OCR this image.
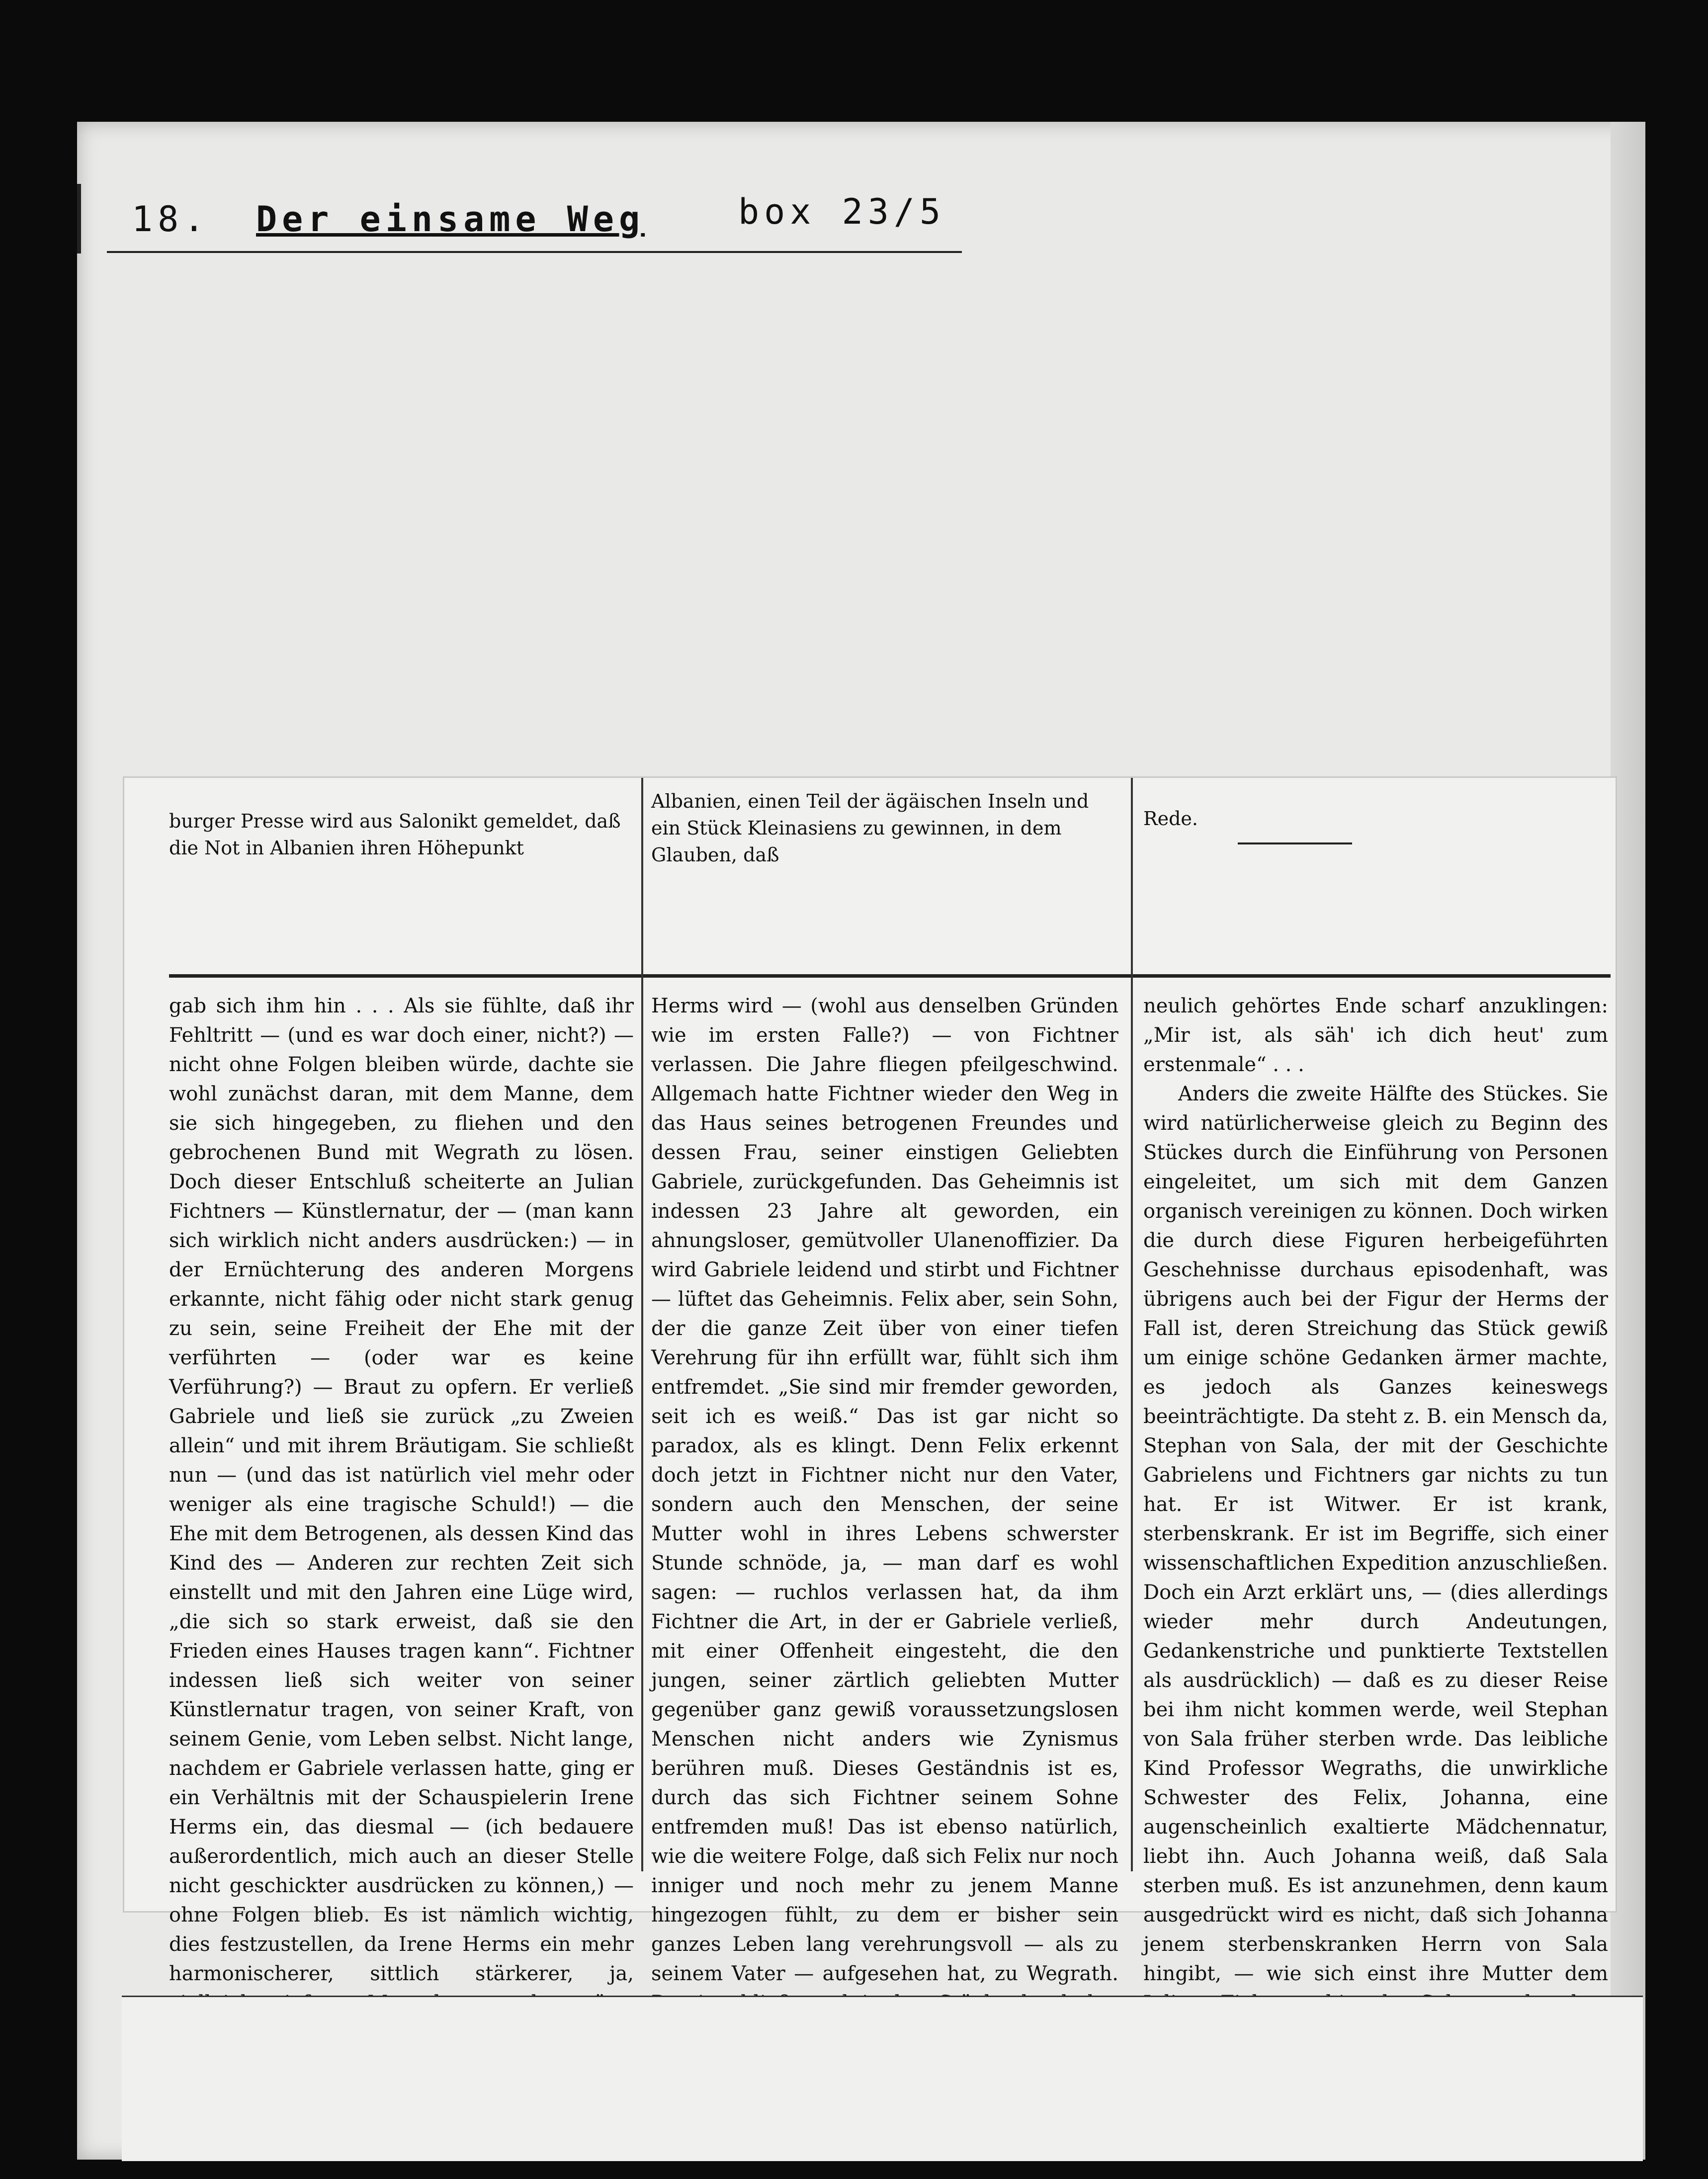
18. Der einsame Weg	box 23/5
burger Presse wird aus Salonikt gemeldet, daß die Not in Albanien ihren Höhepunkt
Albanien, einen Teil der ägäischen Inseln und ein Stück Kleinasiens zu gewinnen, in dem Glauben, daß
Rede.

gab sich ihm hin . . . Als sie fühlte, daß ihr Fehltritt — (und es war doch einer, nicht?) — nicht ohne Folgen bleiben würde, dachte sie wohl zunächst daran, mit dem Manne, dem sie sich hingegeben, zu fliehen und den gebrochenen Bund mit Wegrath zu lösen. Doch dieser Entschluß scheiterte an Julian Fichtners — Künstlernatur, der — (man kann sich wirklich nicht anders ausdrücken:) — in der Ernüchterung des anderen Morgens erkannte, nicht fähig oder nicht stark genug zu sein, seine Freiheit der Ehe mit der verführten — (oder war es keine Verführung?) — Braut zu opfern. Er verließ Gabriele und ließ sie zurück „zu Zweien allein“ und mit ihrem Bräutigam. Sie schließt nun — (und das ist natürlich viel mehr oder weniger als eine tragische Schuld!) — die Ehe mit dem Betrogenen, als dessen Kind das Kind des — Anderen zur rechten Zeit sich einstellt und mit den Jahren eine Lüge wird, „die sich so stark erweist, daß sie den Frieden eines Hauses tragen kann“. Fichtner indessen ließ sich weiter von seiner Künstlernatur tragen, von seiner Kraft, von seinem Genie, vom Leben selbst. Nicht lange, nachdem er Gabriele verlassen hatte, ging er ein Verhältnis mit der Schauspielerin Irene Herms ein, das diesmal — (ich bedauere außerordentlich, mich auch an dieser Stelle nicht geschickter ausdrücken zu können,) — ohne Folgen blieb. Es ist nämlich wichtig, dies festzustellen, da Irene Herms ein mehr harmonischerer, sittlich stärkerer, ja,

Herms wird — (wohl aus denselben Gründen wie im ersten Falle?) — von Fichtner verlassen. Die Jahre fliegen pfeilgeschwind. Allgemach hatte Fichtner wieder den Weg in das Haus seines betrogenen Freundes und dessen Frau, seiner einstigen Geliebten Gabriele, zurückgefunden. Das Geheimnis ist indessen 23 Jahre alt geworden, ein ahnungsloser, gemütvoller Ulanenoffizier. Da wird Gabriele leidend und stirbt und Fichtner — lüftet das Geheimnis. Felix aber, sein Sohn, der die ganze Zeit über von einer tiefen Verehrung für ihn erfüllt war, fühlt sich ihm entfremdet. „Sie sind mir fremder geworden, seit ich es weiß.“ Das ist gar nicht so paradox, als es klingt. Denn Felix erkennt doch jetzt in Fichtner nicht nur den Vater, sondern auch den Menschen, der seine Mutter wohl in ihres Lebens schwerster Stunde schnöde, ja, — man darf es wohl sagen: — ruchlos verlassen hat, da ihm Fichtner die Art, in der er Gabriele verließ, mit einer Offenheit eingesteht, die den jungen, seiner zärtlich geliebten Mutter gegenüber ganz gewiß voraussetzungslosen Menschen nicht anders wie Zynismus berühren muß. Dieses Geständnis ist es, durch das sich Fichtner seinem Sohne entfremden muß! Das ist ebenso natürlich, wie die weitere Folge, daß sich Felix nur noch inniger und noch mehr zu jenem Manne hingezogen fühlt, zu dem er bisher sein ganzes Leben lang verehrungsvoll — als zu seinem Vater — aufgesehen hat, zu Wegrath.

neulich gehörtes Ende scharf anzuklingen: „Mir ist, als säh' ich dich heut' zum erstenmale“ . . .

Anders die zweite Hälfte des Stückes. Sie wird natürlicherweise gleich zu Beginn des Stückes durch die Einführung von Personen eingeleitet, um sich mit dem Ganzen organisch vereinigen zu können. Doch wirken die durch diese Figuren herbeigeführten Geschehnisse durchaus episodenhaft, was übrigens auch bei der Figur der Herms der Fall ist, deren Streichung das Stück gewiß um einige schöne Gedanken ärmer machte, es jedoch als Ganzes keineswegs beeinträchtigte. Da steht z. B. ein Mensch da, Stephan von Sala, der mit der Geschichte Gabrielens und Fichtners gar nichts zu tun hat. Er ist Witwer. Er ist krank, sterbenskrank. Er ist im Begriffe, sich einer wissenschaftlichen Expedition anzuschließen. Doch ein Arzt erklärt uns, — (dies allerdings wieder mehr durch Andeutungen, Gedankenstriche und punktierte Textstellen als ausdrücklich) — daß es zu dieser Reise bei ihm nicht kommen werde, weil Stephan von Sala früher sterben wrde. Das leibliche Kind Professor Wegraths, die unwirkliche Schwester des Felix, Johanna, eine augenscheinlich exaltierte Mädchennatur, liebt ihn. Auch Johanna weiß, daß Sala sterben muß. Es ist anzunehmen, denn kaum ausgedrückt wird es nicht, daß sich Johanna jenem sterbenskranken Herrn von Sala hingibt, — wie sich einst ihre Mutter dem
